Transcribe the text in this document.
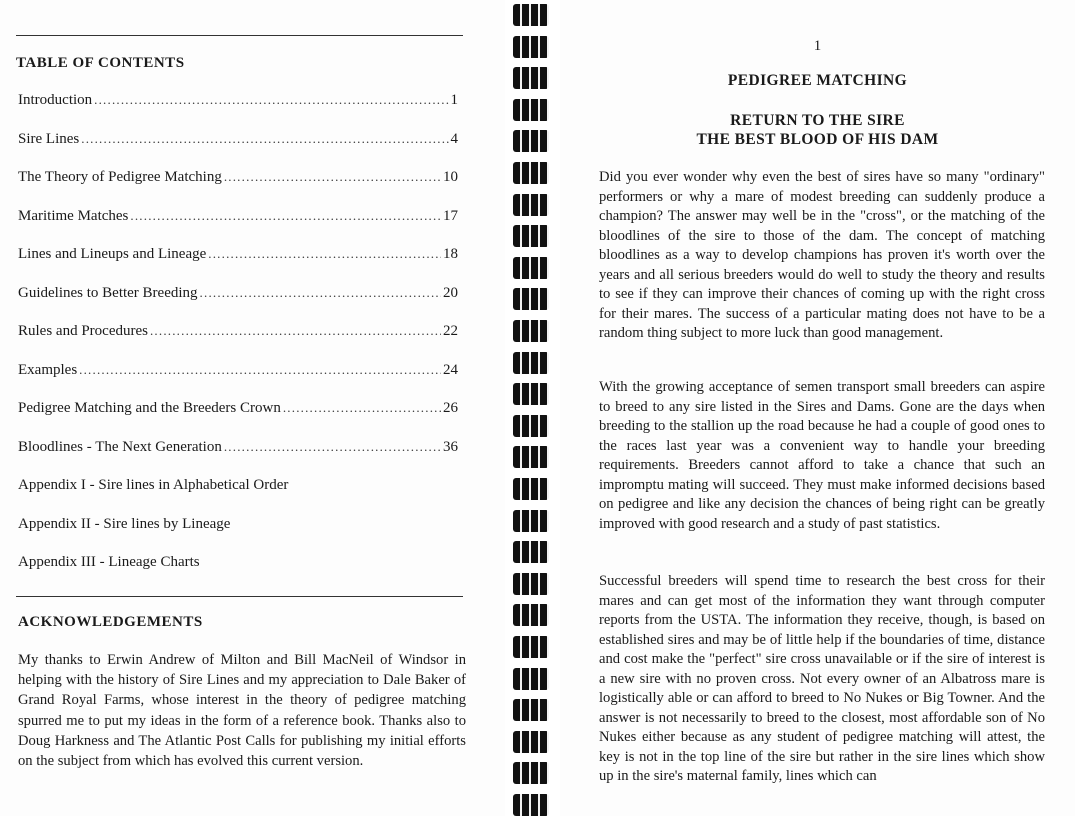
TABLE OF CONTENTS
Introduction .....	1
Sire Lines .....	4
The Theory of Pedigree Matching .....	10
Maritime Matches .....	17
Lines and Lineups and Lineage .....	18
Guidelines to Better Breeding .....	20
Rules and Procedures .....	22
Examples .....	24
Pedigree Matching and the Breeders Crown .....	26
Bloodlines - The Next Generation .....	36
Appendix I - Sire lines in Alphabetical Order
Appendix II - Sire lines by Lineage
Appendix III - Lineage Charts
ACKNOWLEDGEMENTS

My thanks to Erwin Andrew of Milton and Bill MacNeil of Windsor in helping with the history of Sire Lines and my appreciation to Dale Baker of Grand Royal Farms, whose interest in the theory of pedigree matching spurred me to put my ideas in the form of a reference book. Thanks also to Doug Harkness and The Atlantic Post Calls for publishing my initial efforts on the subject from which has evolved this current version.

1
PEDIGREE MATCHING
RETURN TO THE SIRE
THE BEST BLOOD OF HIS DAM

Did you ever wonder why even the best of sires have so many "ordinary" performers or why a mare of modest breeding can suddenly produce a champion? The answer may well be in the "cross", or the matching of the bloodlines of the sire to those of the dam. The concept of matching bloodlines as a way to develop champions has proven it's worth over the years and all serious breeders would do well to study the theory and results to see if they can improve their chances of coming up with the right cross for their mares. The success of a particular mating does not have to be a random thing subject to more luck than good management.

With the growing acceptance of semen transport small breeders can aspire to breed to any sire listed in the Sires and Dams. Gone are the days when breeding to the stallion up the road because he had a couple of good ones to the races last year was a convenient way to handle your breeding requirements. Breeders cannot afford to take a chance that such an impromptu mating will succeed. They must make informed decisions based on pedigree and like any decision the chances of being right can be greatly improved with good research and a study of past statistics.

Successful breeders will spend time to research the best cross for their mares and can get most of the information they want through computer reports from the USTA. The information they receive, though, is based on established sires and may be of little help if the boundaries of time, distance and cost make the "perfect" sire cross unavailable or if the sire of interest is a new sire with no proven cross. Not every owner of an Albatross mare is logistically able or can afford to breed to No Nukes or Big Towner. And the answer is not necessarily to breed to the closest, most affordable son of No Nukes either because as any student of pedigree matching will attest, the key is not in the top line of the sire but rather in the sire lines which show up in the sire's maternal family, lines which can
